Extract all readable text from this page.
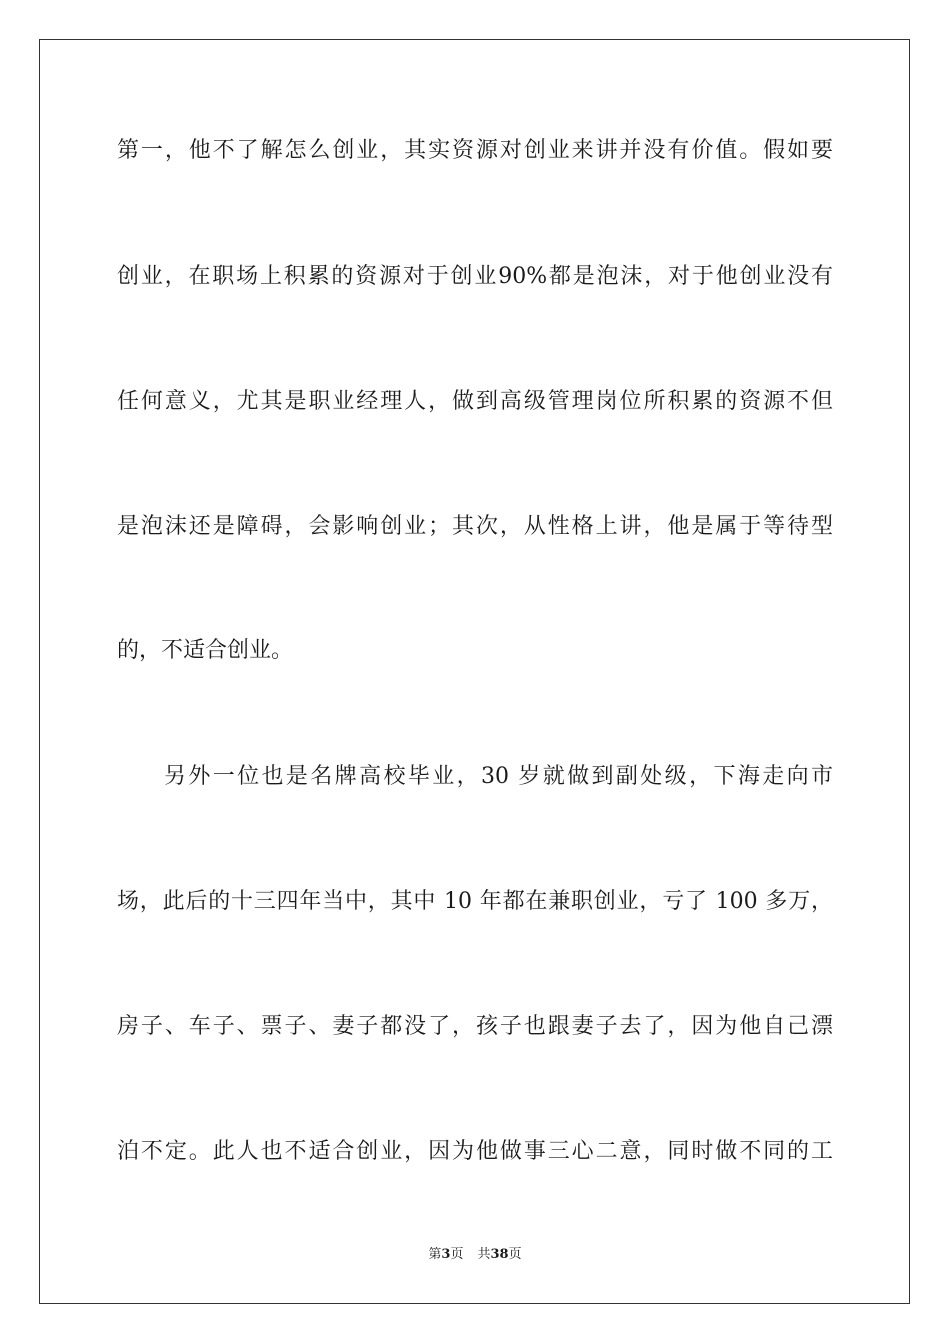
第一，他不了解怎么创业，其实资源对创业来讲并没有价值。假如要
创业，在职场上积累的资源对于创业90%都是泡沫，对于他创业没有
任何意义，尤其是职业经理人，做到高级管理岗位所积累的资源不但
是泡沫还是障碍，会影响创业；其次，从性格上讲，他是属于等待型
的，不适合创业。
另外一位也是名牌高校毕业，30 岁就做到副处级，下海走向市
场，此后的十三四年当中，其中 10 年都在兼职创业，亏了 100 多万，
房子、车子、票子、妻子都没了，孩子也跟妻子去了，因为他自己漂
泊不定。此人也不适合创业，因为他做事三心二意，同时做不同的工
第3页 共38页
